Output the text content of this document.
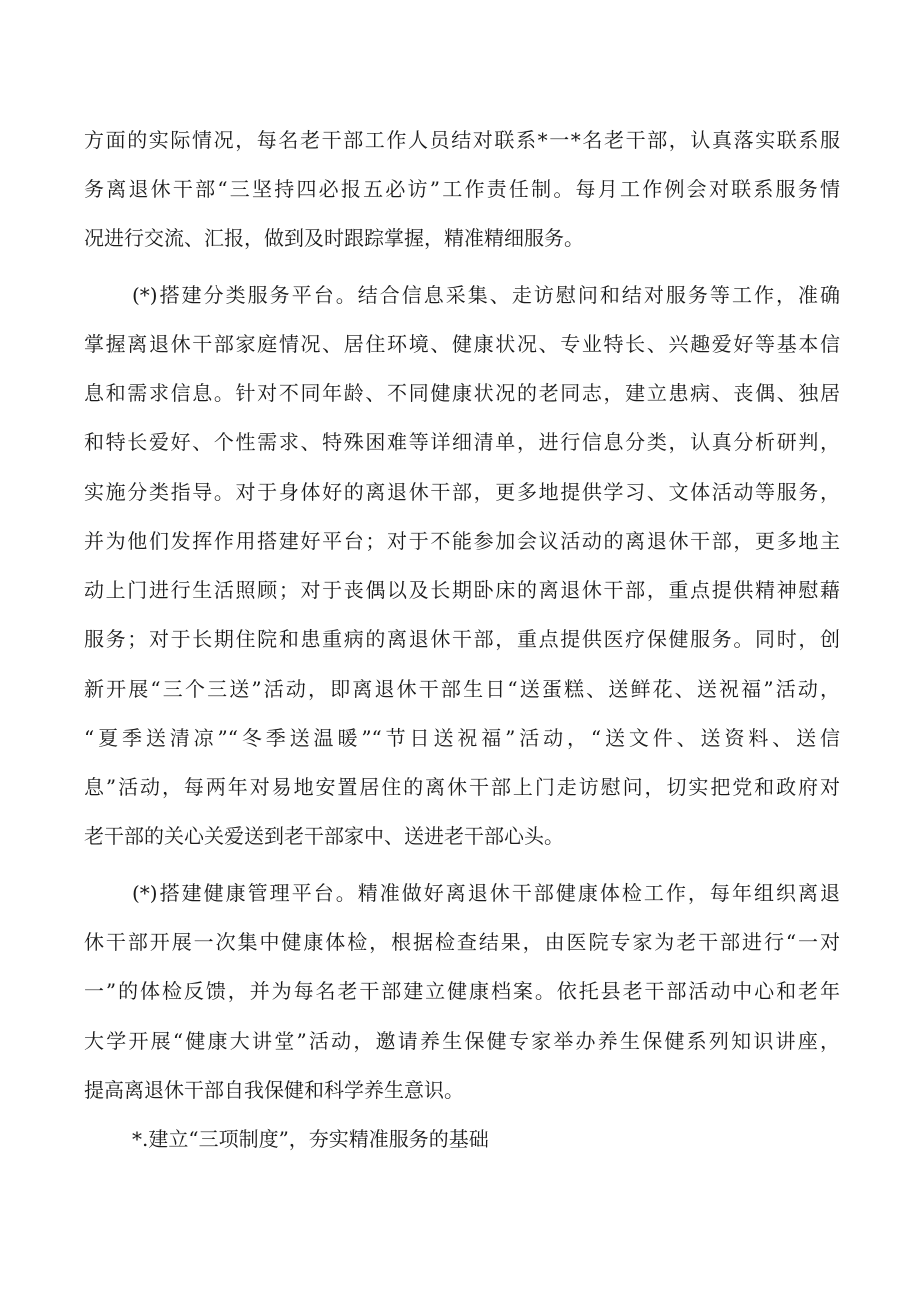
方面的实际情况，每名老干部工作人员结对联系*一*名老干部，认真落实联系服
务离退休干部“三坚持四必报五必访”工作责任制。每月工作例会对联系服务情
况进行交流、汇报，做到及时跟踪掌握，精准精细服务。
(*)搭建分类服务平台。结合信息采集、走访慰问和结对服务等工作，准确
掌握离退休干部家庭情况、居住环境、健康状况、专业特长、兴趣爱好等基本信
息和需求信息。针对不同年龄、不同健康状况的老同志，建立患病、丧偶、独居
和特长爱好、个性需求、特殊困难等详细清单，进行信息分类，认真分析研判，
实施分类指导。对于身体好的离退休干部，更多地提供学习、文体活动等服务，
并为他们发挥作用搭建好平台；对于不能参加会议活动的离退休干部，更多地主
动上门进行生活照顾；对于丧偶以及长期卧床的离退休干部，重点提供精神慰藉
服务；对于长期住院和患重病的离退休干部，重点提供医疗保健服务。同时，创
新开展“三个三送”活动，即离退休干部生日“送蛋糕、送鲜花、送祝福”活动，
“夏季送清凉”“冬季送温暖”“节日送祝福”活动，“送文件、送资料、送信
息”活动，每两年对易地安置居住的离休干部上门走访慰问，切实把党和政府对
老干部的关心关爱送到老干部家中、送进老干部心头。
(*)搭建健康管理平台。精准做好离退休干部健康体检工作，每年组织离退
休干部开展一次集中健康体检，根据检查结果，由医院专家为老干部进行“一对
一”的体检反馈，并为每名老干部建立健康档案。依托县老干部活动中心和老年
大学开展“健康大讲堂”活动，邀请养生保健专家举办养生保健系列知识讲座，
提高离退休干部自我保健和科学养生意识。
*.建立“三项制度”，夯实精准服务的基础
